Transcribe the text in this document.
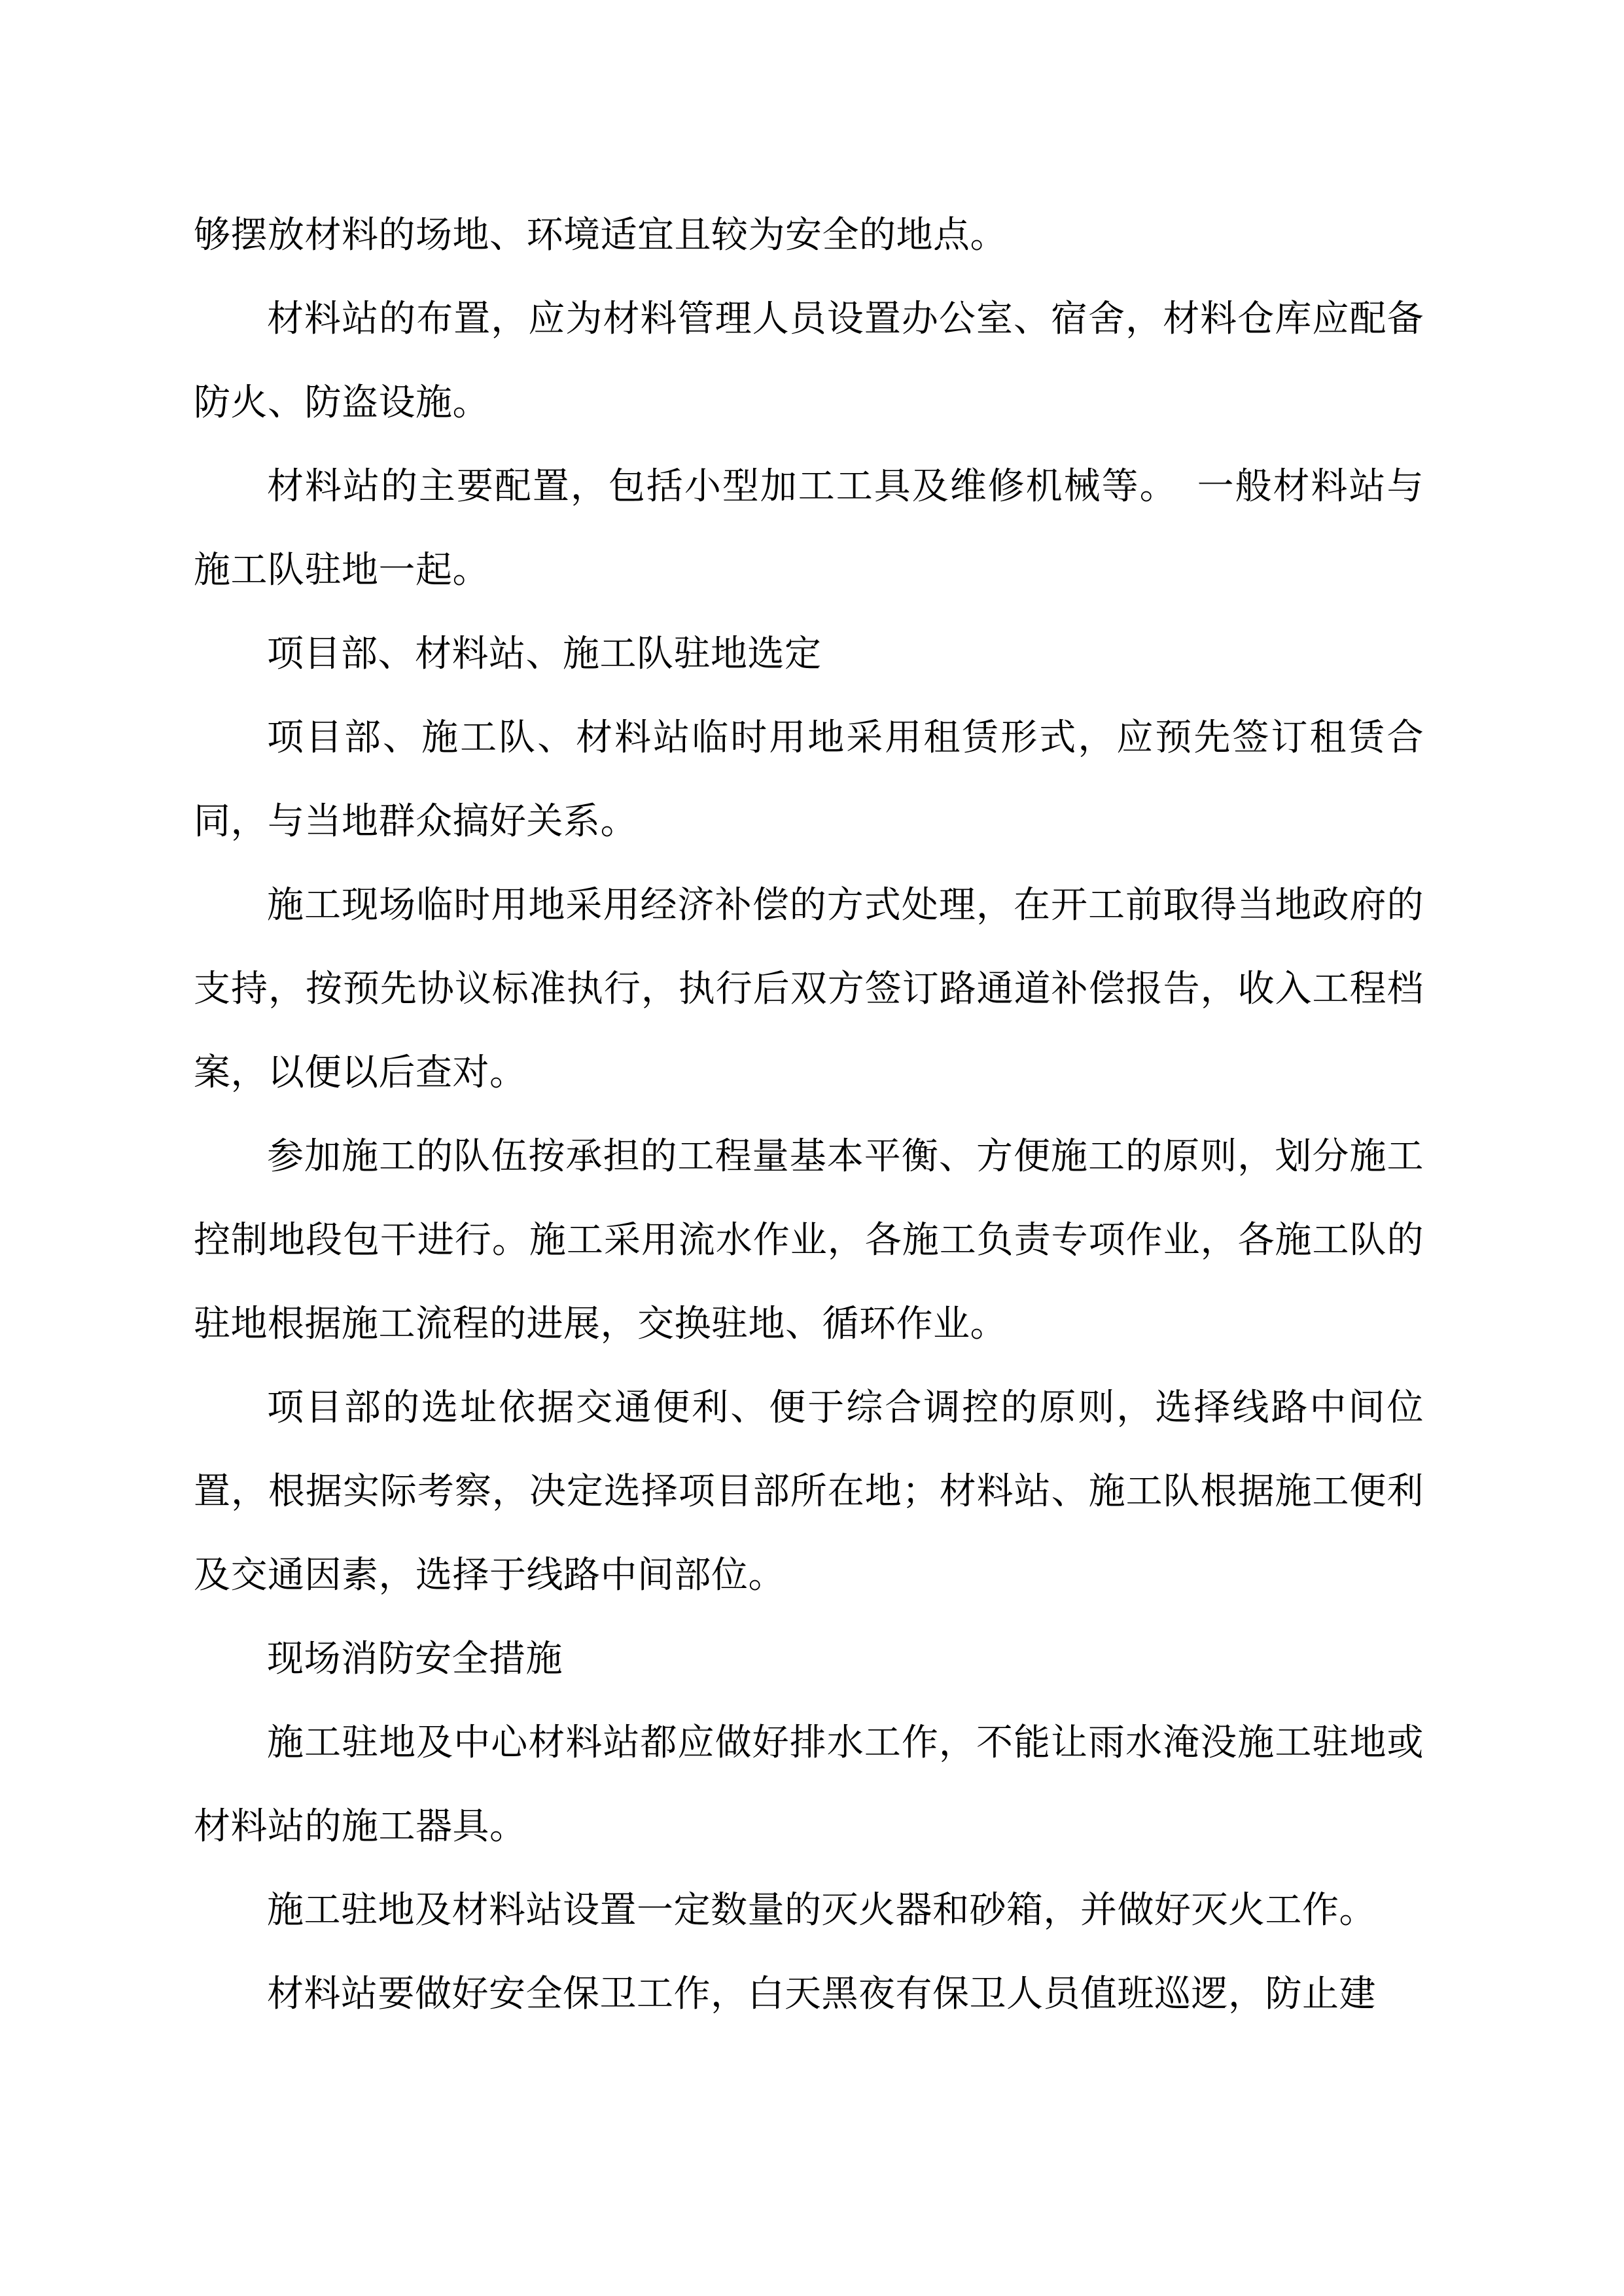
够摆放材料的场地、环境适宜且较为安全的地点。

材料站的布置，应为材料管理人员设置办公室、宿舍，材料仓库应配备防火、防盗设施。

材料站的主要配置，包括小型加工工具及维修机械等。　一般材料站与施工队驻地一起。

项目部、材料站、施工队驻地选定

项目部、施工队、材料站临时用地采用租赁形式，应预先签订租赁合同，与当地群众搞好关系。

施工现场临时用地采用经济补偿的方式处理，在开工前取得当地政府的支持，按预先协议标准执行，执行后双方签订路通道补偿报告，收入工程档案，以便以后查对。

参加施工的队伍按承担的工程量基本平衡、方便施工的原则，划分施工控制地段包干进行。施工采用流水作业，各施工负责专项作业，各施工队的驻地根据施工流程的进展，交换驻地、循环作业。

项目部的选址依据交通便利、便于综合调控的原则，选择线路中间位置，根据实际考察，决定选择项目部所在地；材料站、施工队根据施工便利及交通因素，选择于线路中间部位。

现场消防安全措施

施工驻地及中心材料站都应做好排水工作，不能让雨水淹没施工驻地或材料站的施工器具。

施工驻地及材料站设置一定数量的灭火器和砂箱，并做好灭火工作。

材料站要做好安全保卫工作，白天黑夜有保卫人员值班巡逻，防止建
